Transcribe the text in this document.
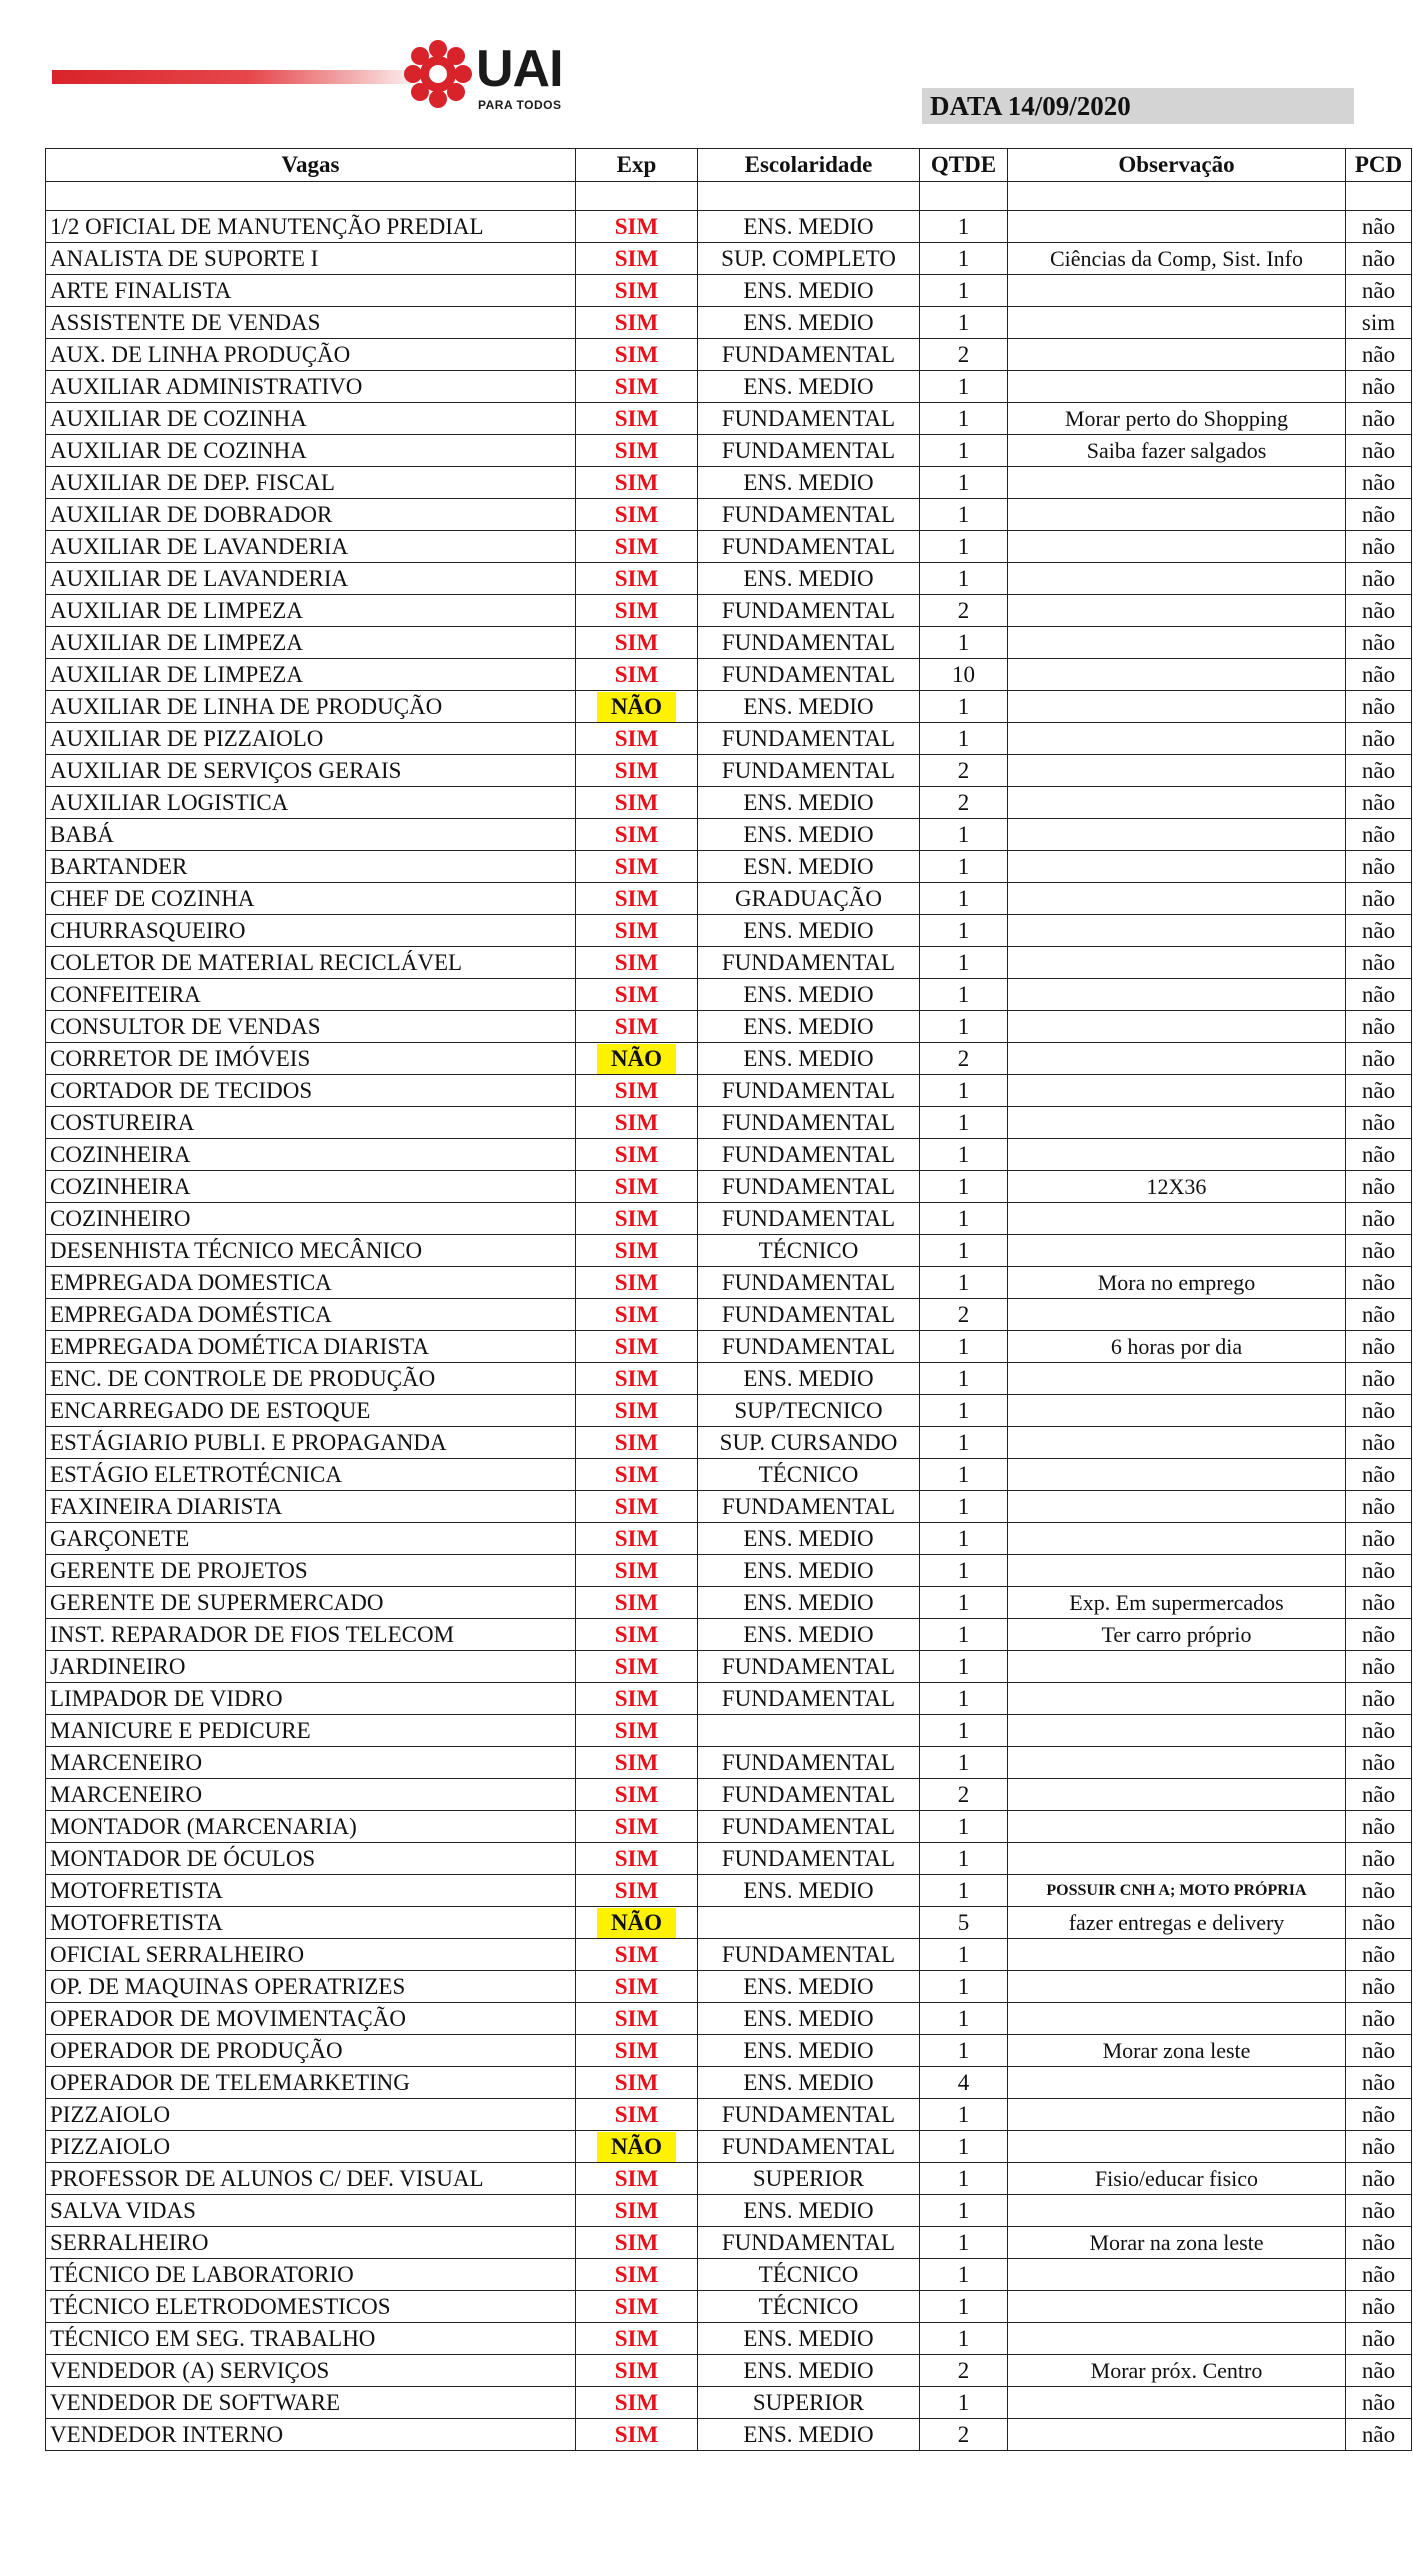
UAI
PARA TODOS	DATA 14/09/2020
Vagas	Exp	Escolaridade	QTDE	Observação	PCD

1/2 OFICIAL DE MANUTENÇÃO PREDIAL	SIM	ENS. MEDIO	1		não
ANALISTA DE SUPORTE I	SIM	SUP. COMPLETO	1	Ciências da Comp, Sist. Info	não
ARTE FINALISTA	SIM	ENS. MEDIO	1		não
ASSISTENTE DE VENDAS	SIM	ENS. MEDIO	1		sim
AUX. DE LINHA PRODUÇÃO	SIM	FUNDAMENTAL	2		não
AUXILIAR ADMINISTRATIVO	SIM	ENS. MEDIO	1		não
AUXILIAR DE COZINHA	SIM	FUNDAMENTAL	1	Morar perto do Shopping	não
AUXILIAR DE COZINHA	SIM	FUNDAMENTAL	1	Saiba fazer salgados	não
AUXILIAR DE DEP. FISCAL	SIM	ENS. MEDIO	1		não
AUXILIAR DE DOBRADOR	SIM	FUNDAMENTAL	1		não
AUXILIAR DE LAVANDERIA	SIM	FUNDAMENTAL	1		não
AUXILIAR DE LAVANDERIA	SIM	ENS. MEDIO	1		não
AUXILIAR DE LIMPEZA	SIM	FUNDAMENTAL	2		não
AUXILIAR DE LIMPEZA	SIM	FUNDAMENTAL	1		não
AUXILIAR DE LIMPEZA	SIM	FUNDAMENTAL	10		não
AUXILIAR DE LINHA DE PRODUÇÃO	NÃO	ENS. MEDIO	1		não
AUXILIAR DE PIZZAIOLO	SIM	FUNDAMENTAL	1		não
AUXILIAR DE SERVIÇOS GERAIS	SIM	FUNDAMENTAL	2		não
AUXILIAR LOGISTICA	SIM	ENS. MEDIO	2		não
BABÁ	SIM	ENS. MEDIO	1		não
BARTANDER	SIM	ESN. MEDIO	1		não
CHEF DE COZINHA	SIM	GRADUAÇÃO	1		não
CHURRASQUEIRO	SIM	ENS. MEDIO	1		não
COLETOR DE MATERIAL RECICLÁVEL	SIM	FUNDAMENTAL	1		não
CONFEITEIRA	SIM	ENS. MEDIO	1		não
CONSULTOR DE VENDAS	SIM	ENS. MEDIO	1		não
CORRETOR DE IMÓVEIS	NÃO	ENS. MEDIO	2		não
CORTADOR DE TECIDOS	SIM	FUNDAMENTAL	1		não
COSTUREIRA	SIM	FUNDAMENTAL	1		não
COZINHEIRA	SIM	FUNDAMENTAL	1		não
COZINHEIRA	SIM	FUNDAMENTAL	1	12X36	não
COZINHEIRO	SIM	FUNDAMENTAL	1		não
DESENHISTA TÉCNICO MECÂNICO	SIM	TÉCNICO	1		não
EMPREGADA DOMESTICA	SIM	FUNDAMENTAL	1	Mora no emprego	não
EMPREGADA DOMÉSTICA	SIM	FUNDAMENTAL	2		não
EMPREGADA DOMÉTICA DIARISTA	SIM	FUNDAMENTAL	1	6 horas por dia	não
ENC. DE CONTROLE DE PRODUÇÃO	SIM	ENS. MEDIO	1		não
ENCARREGADO DE ESTOQUE	SIM	SUP/TECNICO	1		não
ESTÁGIARIO PUBLI. E PROPAGANDA	SIM	SUP. CURSANDO	1		não
ESTÁGIO ELETROTÉCNICA	SIM	TÉCNICO	1		não
FAXINEIRA DIARISTA	SIM	FUNDAMENTAL	1		não
GARÇONETE	SIM	ENS. MEDIO	1		não
GERENTE DE PROJETOS	SIM	ENS. MEDIO	1		não
GERENTE DE SUPERMERCADO	SIM	ENS. MEDIO	1	Exp. Em supermercados	não
INST. REPARADOR DE FIOS TELECOM	SIM	ENS. MEDIO	1	Ter carro próprio	não
JARDINEIRO	SIM	FUNDAMENTAL	1		não
LIMPADOR DE VIDRO	SIM	FUNDAMENTAL	1		não
MANICURE E PEDICURE	SIM		1		não
MARCENEIRO	SIM	FUNDAMENTAL	1		não
MARCENEIRO	SIM	FUNDAMENTAL	2		não
MONTADOR (MARCENARIA)	SIM	FUNDAMENTAL	1		não
MONTADOR DE ÓCULOS	SIM	FUNDAMENTAL	1		não
MOTOFRETISTA	SIM	ENS. MEDIO	1	POSSUIR CNH A; MOTO PRÓPRIA	não
MOTOFRETISTA	NÃO		5	fazer entregas e delivery	não
OFICIAL SERRALHEIRO	SIM	FUNDAMENTAL	1		não
OP. DE MAQUINAS OPERATRIZES	SIM	ENS. MEDIO	1		não
OPERADOR DE MOVIMENTAÇÃO	SIM	ENS. MEDIO	1		não
OPERADOR DE PRODUÇÃO	SIM	ENS. MEDIO	1	Morar zona leste	não
OPERADOR DE TELEMARKETING	SIM	ENS. MEDIO	4		não
PIZZAIOLO	SIM	FUNDAMENTAL	1		não
PIZZAIOLO	NÃO	FUNDAMENTAL	1		não
PROFESSOR DE ALUNOS C/ DEF. VISUAL	SIM	SUPERIOR	1	Fisio/educar fisico	não
SALVA VIDAS	SIM	ENS. MEDIO	1		não
SERRALHEIRO	SIM	FUNDAMENTAL	1	Morar na zona leste	não
TÉCNICO DE LABORATORIO	SIM	TÉCNICO	1		não
TÉCNICO ELETRODOMESTICOS	SIM	TÉCNICO	1		não
TÉCNICO EM SEG. TRABALHO	SIM	ENS. MEDIO	1		não
VENDEDOR (A) SERVIÇOS	SIM	ENS. MEDIO	2	Morar próx. Centro	não
VENDEDOR DE SOFTWARE	SIM	SUPERIOR	1		não
VENDEDOR INTERNO	SIM	ENS. MEDIO	2		não
